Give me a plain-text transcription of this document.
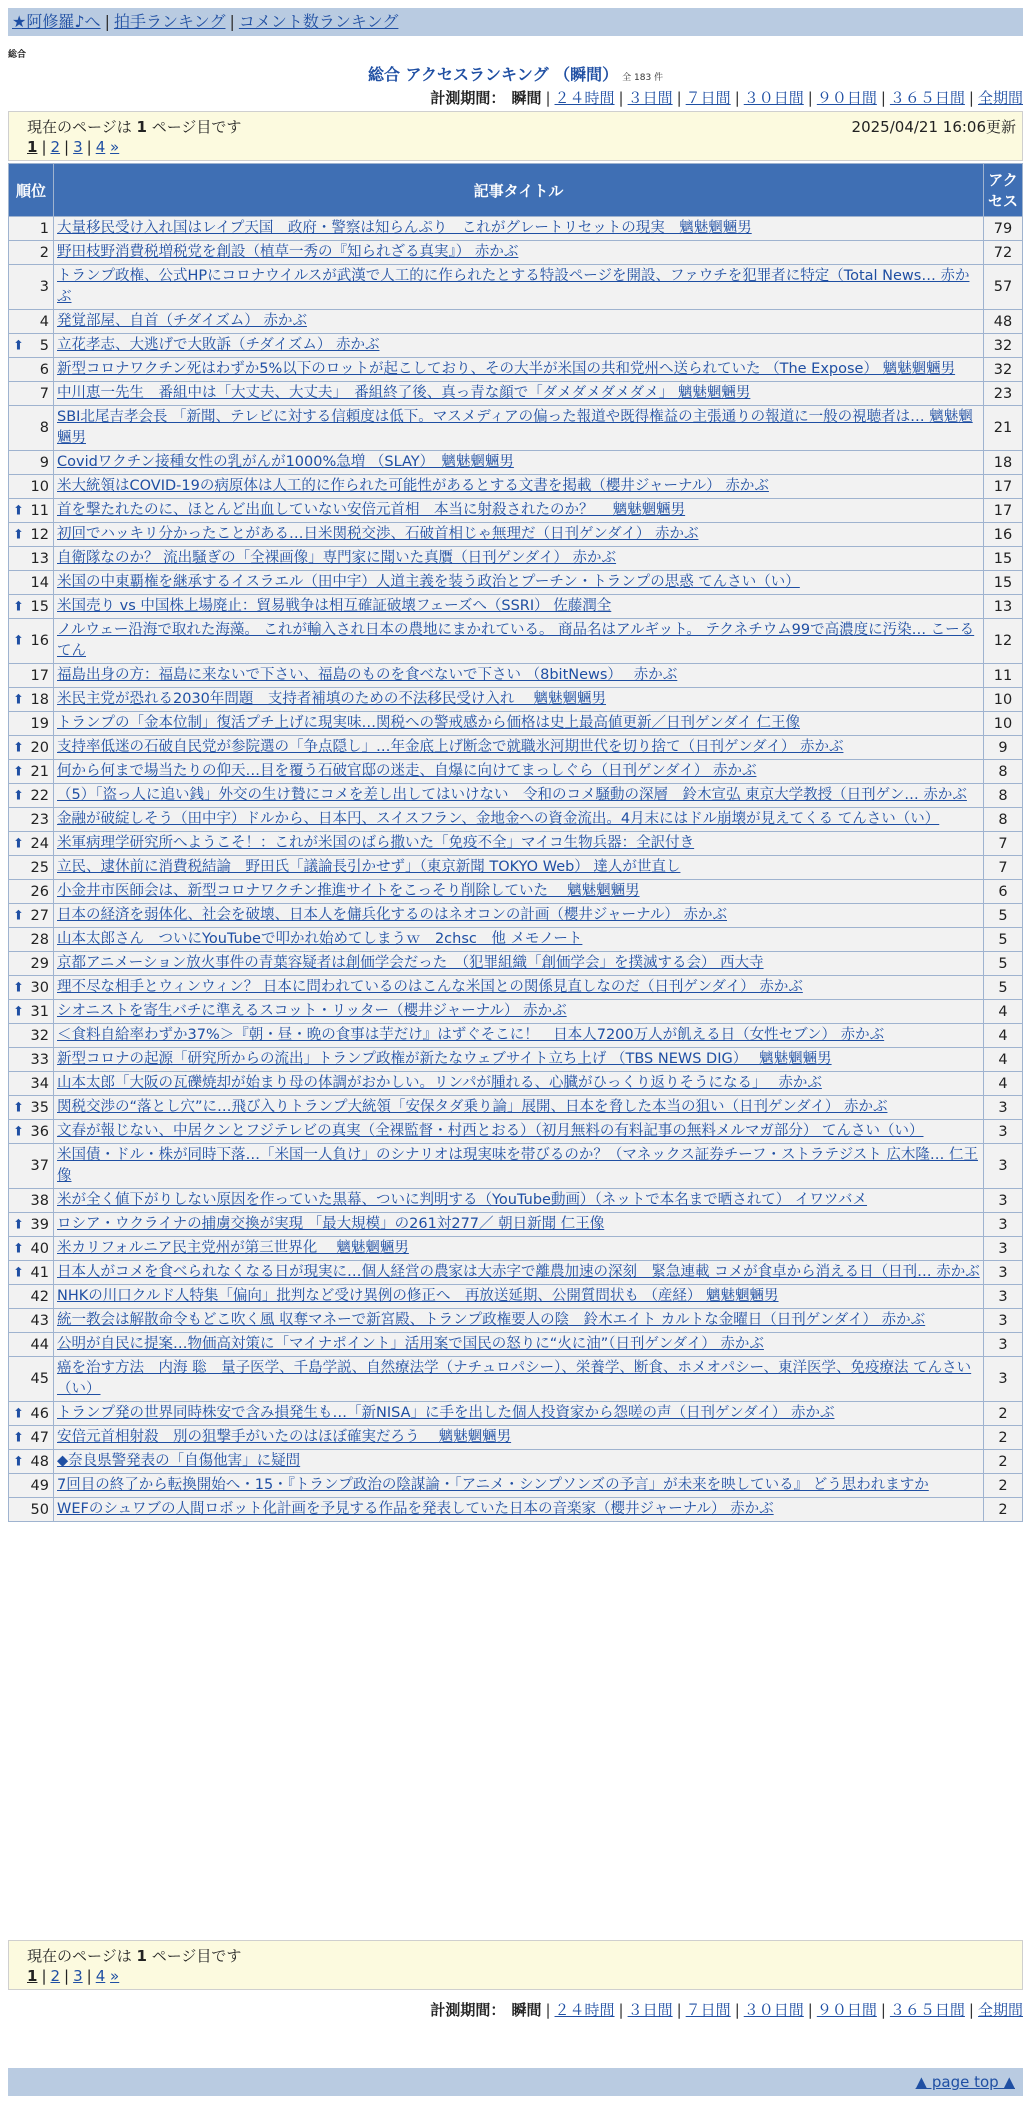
★阿修羅♪へ | 拍手ランキング | コメント数ランキング
総合
総合 アクセスランキング （瞬間） 全 183 件
計測期間： 瞬間 | ２４時間 | ３日間 | ７日間 | ３０日間 | ９０日間 | ３６５日間 | 全期間
現在のページは 1 ページ目です	2025/04/21 16:06更新
1 | 2 | 3 | 4 »
順位	記事タイトル	アクセス
1	大量移民受け入れ国はレイプ天国　政府・警察は知らんぷり　これがグレートリセットの現実　魑魅魍魎男	79
2	野田枝野消費税増税党を創設（植草一秀の『知られざる真実』） 赤かぶ	72
3	トランプ政権、公式HPにコロナウイルスが武漢で人工的に作られたとする特設ページを開設、ファウチを犯罪者に特定（Total News… 赤かぶ	57
4	発覚部屋、自首（チダイズム） 赤かぶ	48

⬆ 5	立花孝志、大逃げで大敗訴（チダイズム） 赤かぶ	32
6	新型コロナワクチン死はわずか5%以下のロットが起こしており、その大半が米国の共和党州へ送られていた （The Expose） 魑魅魍魎男	32
7	中川恵一先生　番組中は「大丈夫、大丈夫」　番組終了後、真っ青な顔で「ダメダメダメダメ」 魑魅魍魎男	23
8	SBI北尾吉孝会長 「新聞、テレビに対する信頼度は低下。マスメディアの偏った報道や既得権益の主張通りの報道に一般の視聴者は… 魑魅魍魎男	21
9	Covidワクチン接種女性の乳がんが1000%急増 （SLAY）　魑魅魍魎男	18
10	米大統領はCOVID-19の病原体は人工的に作られた可能性があるとする文書を掲載（櫻井ジャーナル） 赤かぶ	17

⬆ 11	首を撃たれたのに、ほとんど出血していない安倍元首相　本当に射殺されたのか？　 魑魅魍魎男	17

⬆ 12	初回でハッキリ分かったことがある…日米関税交渉、石破首相じゃ無理だ（日刊ゲンダイ） 赤かぶ	16
13	自衛隊なのか？ 流出騒ぎの「全裸画像」専門家に聞いた真贋（日刊ゲンダイ） 赤かぶ	15
14	米国の中東覇権を継承するイスラエル（田中宇）人道主義を装う政治とプーチン・トランプの思惑 てんさい（い）	15

⬆ 15	米国売り vs 中国株上場廃止：貿易戦争は相互確証破壊フェーズへ（SSRI） 佐藤潤全	13

⬆ 16	ノルウェー沿海で取れた海藻。 これが輸入され日本の農地にまかれている。 商品名はアルギット。 テクネチウム99で高濃度に汚染… こーるてん	12
17	福島出身の方：福島に来ないで下さい、福島のものを食べないで下さい （8bitNews）　 赤かぶ	11

⬆ 18	米民主党が恐れる2030年問題　支持者補填のための不法移民受け入れ　 魑魅魍魎男	10
19	トランプの「金本位制」復活プチ上げに現実味…関税への警戒感から価格は史上最高値更新／日刊ゲンダイ 仁王像	10

⬆ 20	支持率低迷の石破自民党が参院選の「争点隠し」…年金底上げ断念で就職氷河期世代を切り捨て（日刊ゲンダイ） 赤かぶ	9

⬆ 21	何から何まで場当たりの仰天…目を覆う石破官邸の迷走、自爆に向けてまっしぐら（日刊ゲンダイ） 赤かぶ	8

⬆ 22	（5）「盗っ人に追い銭」外交の生け贄にコメを差し出してはいけない　令和のコメ騒動の深層　鈴木宣弘 東京大学教授（日刊ゲン… 赤かぶ	8
23	金融が破綻しそう（田中宇）ドルから、日本円、スイスフラン、金地金への資金流出。4月末にはドル崩壊が見えてくる てんさい（い）	8

⬆ 24	米軍病理学研究所へようこそ！：これが米国のばら撒いた「免疫不全」マイコ生物兵器：全訳付き	7
25	立民、逮休前に消費税結論　野田氏「議論長引かせず」（東京新聞 TOKYO Web） 達人が世直し	7
26	小金井市医師会は、新型コロナワクチン推進サイトをこっそり削除していた　 魑魅魍魎男	6

⬆ 27	日本の経済を弱体化、社会を破壊、日本人を傭兵化するのはネオコンの計画（櫻井ジャーナル） 赤かぶ	5
28	山本太郎さん　ついにYouTubeで叩かれ始めてしまうｗ　2chsc　他 メモノート	5
29	京都アニメーション放火事件の青葉容疑者は創価学会だった　（犯罪組織「創価学会」を撲滅する会） 西大寺	5

⬆ 30	理不尽な相手とウィンウィン？ 日本に問われているのはこんな米国との関係見直しなのだ（日刊ゲンダイ） 赤かぶ	5

⬆ 31	シオニストを寄生バチに準えるスコット・リッター（櫻井ジャーナル） 赤かぶ	4
32	＜食料自給率わずか37%＞『朝・昼・晩の食事は芋だけ』はずぐそこに！　日本人7200万人が飢える日（女性セブン） 赤かぶ	4
33	新型コロナの起源「研究所からの流出」トランプ政権が新たなウェブサイト立ち上げ （TBS NEWS DIG）　 魑魅魍魎男	4
34	山本太郎「大阪の瓦礫焼却が始まり母の体調がおかしい。リンパが腫れる、心臓がひっくり返りそうになる」　 赤かぶ	4

⬆ 35	関税交渉の“落とし穴”に…飛び入りトランプ大統領「安保タダ乗り論」展開、日本を脅した本当の狙い（日刊ゲンダイ） 赤かぶ	3

⬆ 36	文春が報じない、中居クンとフジテレビの真実（全裸監督・村西とおる）（初月無料の有料記事の無料メルマガ部分） てんさい（い）	3
37	米国債・ドル・株が同時下落…「米国一人負け」のシナリオは現実味を帯びるのか？（マネックス証券チーフ・ストラテジスト 広木隆… 仁王像	3
38	米が全く値下がりしない原因を作っていた黒幕、ついに判明する（YouTube動画）（ネットで本名まで晒されて） イワツバメ	3

⬆ 39	ロシア・ウクライナの捕虜交換が実現 「最大規模」の261対277／ 朝日新聞 仁王像	3

⬆ 40	米カリフォルニア民主党州が第三世界化　 魑魅魍魎男	3

⬆ 41	日本人がコメを食べられなくなる日が現実に…個人経営の農家は大赤字で離農加速の深刻　緊急連載 コメが食卓から消える日（日刊… 赤かぶ	3
42	NHKの川口クルド人特集「偏向」批判など受け異例の修正へ　再放送延期、公開質問状も （産経） 魑魅魍魎男	3
43	統一教会は解散命令もどこ吹く風 収奪マネーで新宮殿、トランプ政権要人の陰　鈴木エイト カルトな金曜日（日刊ゲンダイ） 赤かぶ	3
44	公明が自民に提案…物価高対策に「マイナポイント」活用案で国民の怒りに“火に油”（日刊ゲンダイ） 赤かぶ	3
45	癌を治す方法　内海 聡　量子医学、千島学説、自然療法学（ナチュロパシー）、栄養学、断食、ホメオパシー、東洋医学、免疫療法 てんさい（い）	3

⬆ 46	トランプ発の世界同時株安で含み損発生も…「新NISA」に手を出した個人投資家から怨嗟の声（日刊ゲンダイ） 赤かぶ	2

⬆ 47	安倍元首相射殺　別の狙撃手がいたのはほぼ確実だろう　 魑魅魍魎男	2

⬆ 48	◆奈良県警発表の「自傷他害」に疑問	2
49	7回目の終了から転換開始へ・15・『トランプ政治の陰謀論・「アニメ・シンプソンズの予言」が未来を映している』 どう思われますか	2
50	WEFのシュワブの人間ロボット化計画を予見する作品を発表していた日本の音楽家（櫻井ジャーナル） 赤かぶ	2
現在のページは 1 ページ目です
1 | 2 | 3 | 4 »
計測期間： 瞬間 | ２４時間 | ３日間 | ７日間 | ３０日間 | ９０日間 | ３６５日間 | 全期間
▲ page top ▲
